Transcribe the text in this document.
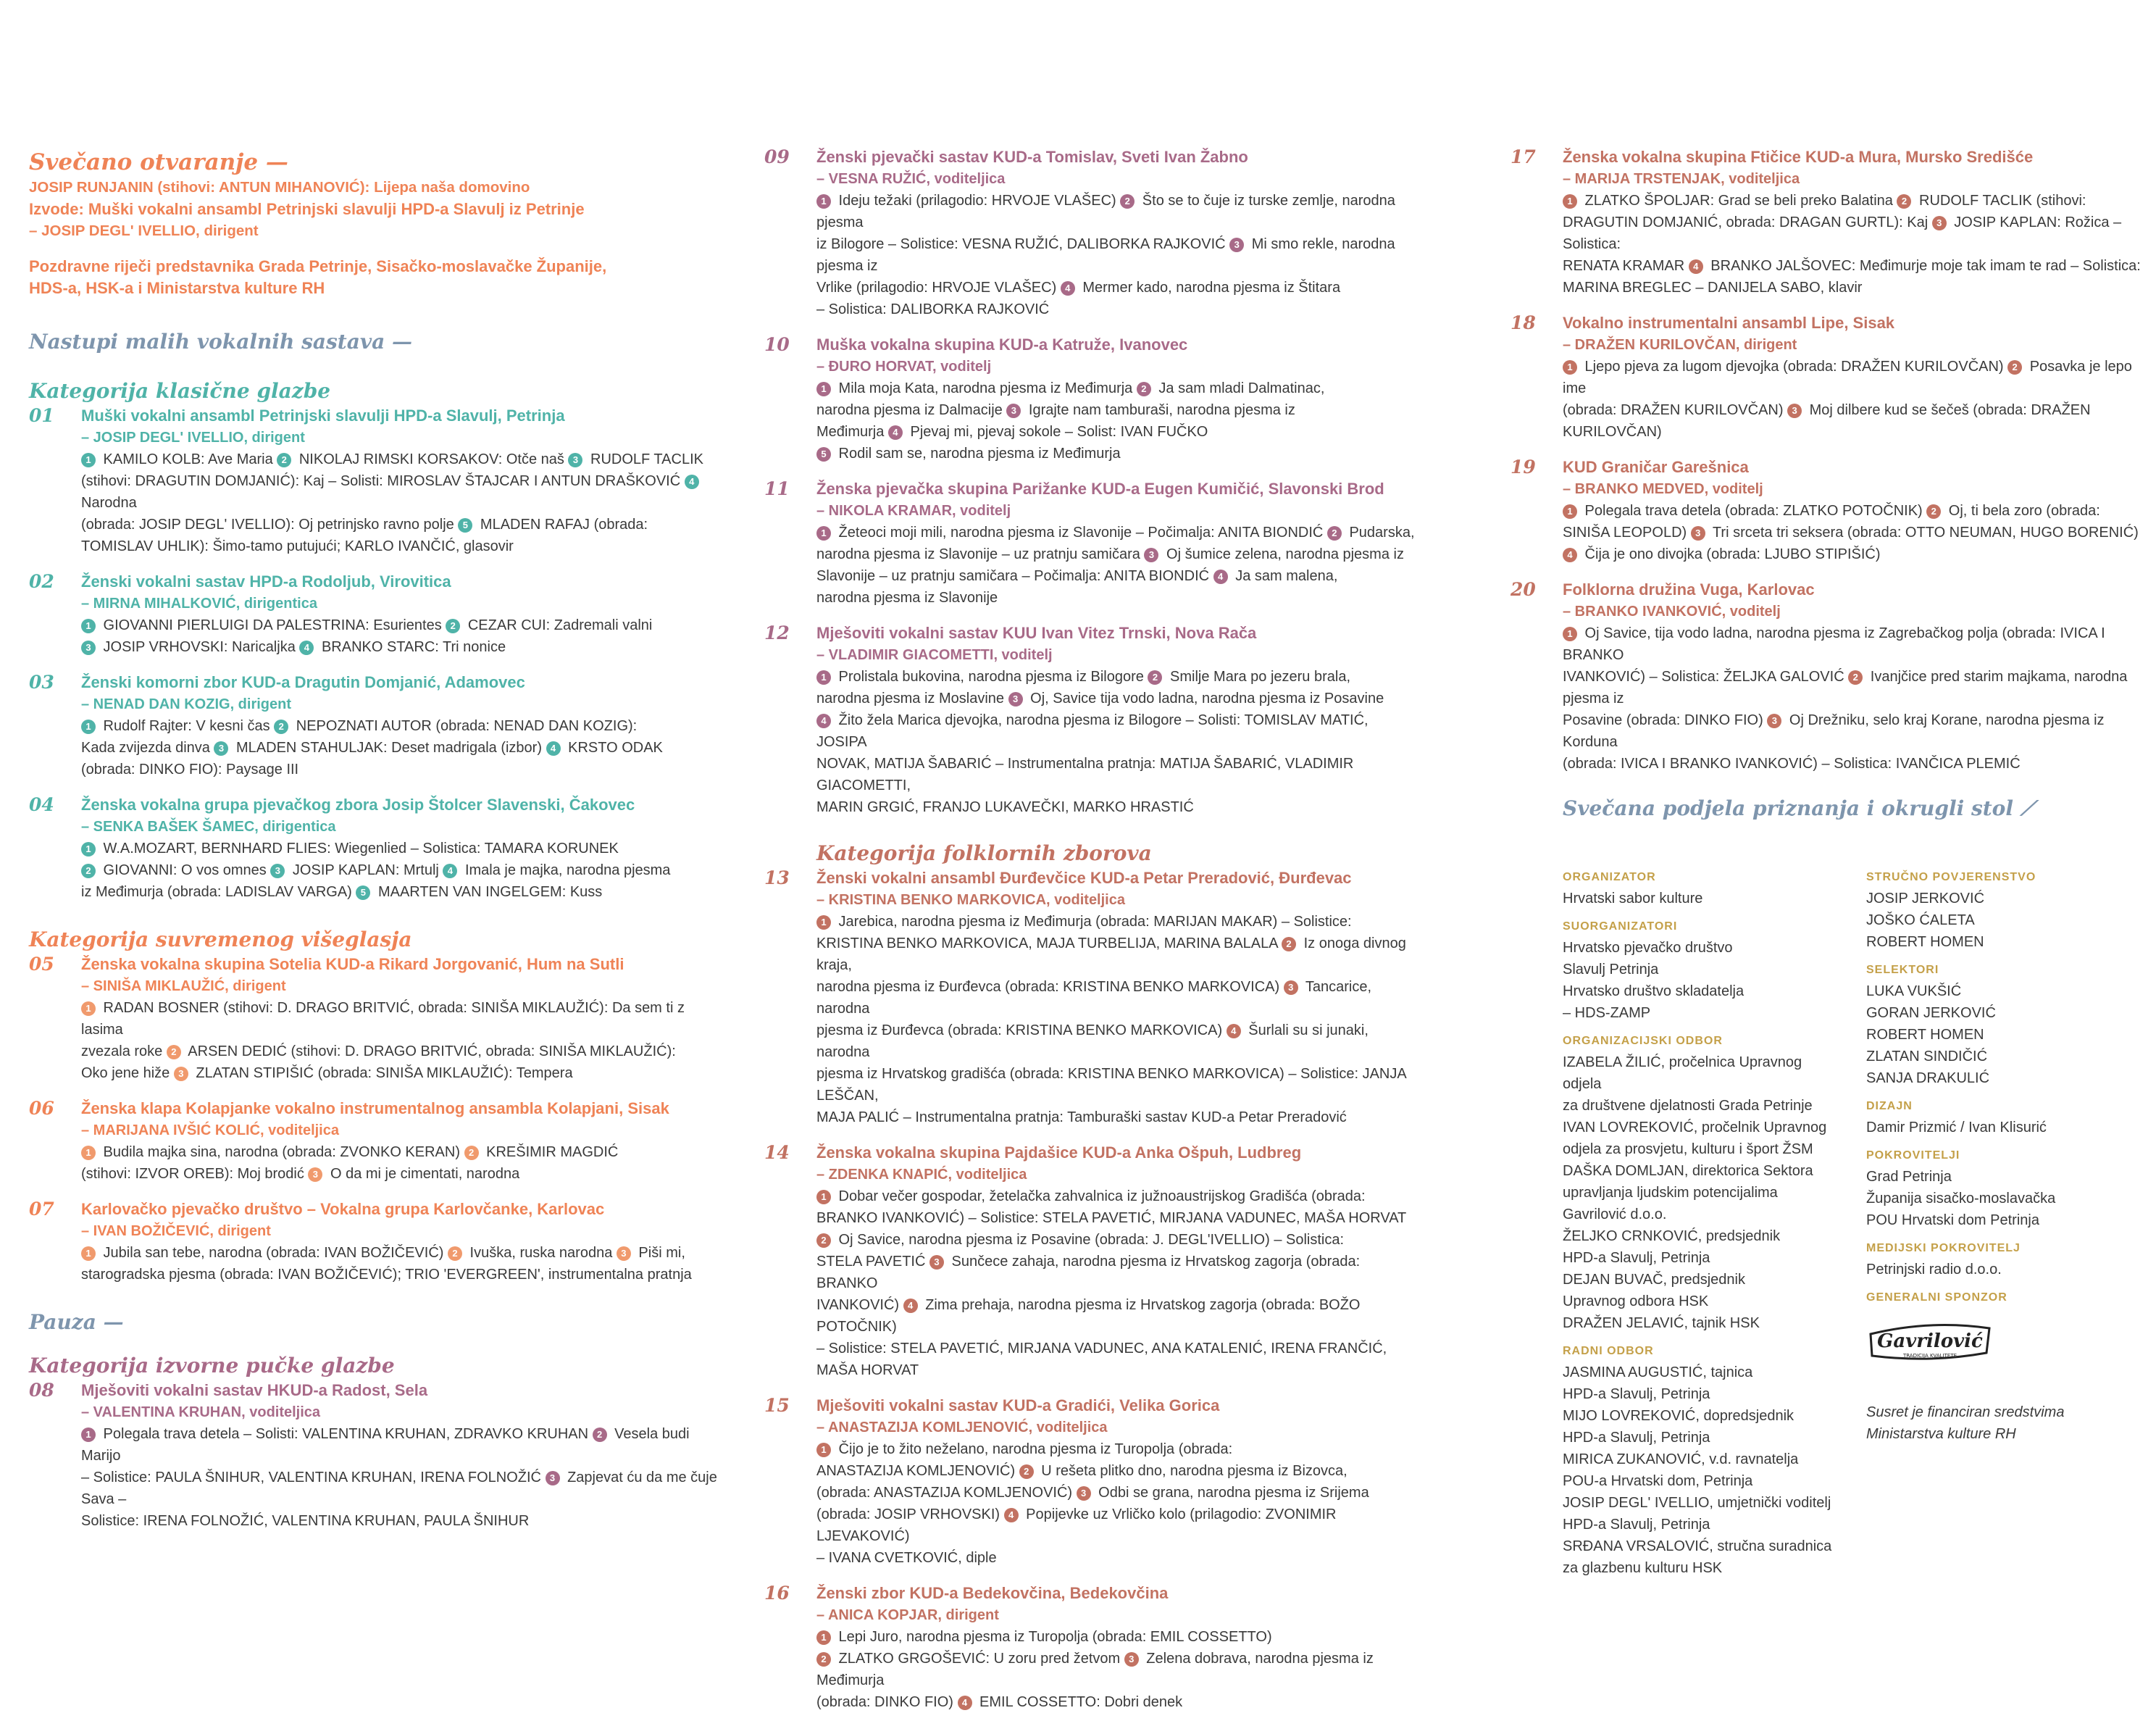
Svečano otvaranje —
JOSIP RUNJANIN (stihovi: ANTUN MIHANOVIĆ): Lijepa naša domovino
Izvode: Muški vokalni ansambl Petrinjski slavulji HPD-a Slavulj iz Petrinje
– JOSIP DEGL' IVELLIO, dirigent
Pozdravne riječi predstavnika Grada Petrinje, Sisačko-moslavačke Županije,
HDS-a, HSK-a i Ministarstva kulture RH
Nastupi malih vokalnih sastava —
Kategorija klasične glazbe
01 Muški vokalni ansambl Petrinjski slavulji HPD-a Slavulj, Petrinja
– JOSIP DEGL' IVELLIO, dirigent
1 KAMILO KOLB: Ave Maria 2 NIKOLAJ RIMSKI KORSAKOV: Otče naš 3 RUDOLF TACLIK
(stihovi: DRAGUTIN DOMJANIĆ): Kaj – Solisti: MIROSLAV ŠTAJCAR I ANTUN DRAŠKOVIĆ 4 Narodna
(obrada: JOSIP DEGL' IVELLIO): Oj petrinjsko ravno polje 5 MLADEN RAFAJ (obrada:
TOMISLAV UHLIK): Šimo-tamo putujući; KARLO IVANČIĆ, glasovir
02 Ženski vokalni sastav HPD-a Rodoljub, Virovitica
– MIRNA MIHALKOVIĆ, dirigentica
1 GIOVANNI PIERLUIGI DA PALESTRINA: Esurientes 2 CEZAR CUI: Zadremali valni
3 JOSIP VRHOVSKI: Naricaljka 4 BRANKO STARC: Tri nonice
03 Ženski komorni zbor KUD-a Dragutin Domjanić, Adamovec
– NENAD DAN KOZIG, dirigent
1 Rudolf Rajter: V kesni čas 2 NEPOZNATI AUTOR (obrada: NENAD DAN KOZIG):
Kada zvijezda dinva 3 MLADEN STAHULJAK: Deset madrigala (izbor) 4 KRSTO ODAK
(obrada: DINKO FIO): Paysage III
04 Ženska vokalna grupa pjevačkog zbora Josip Štolcer Slavenski, Čakovec
– SENKA BAŠEK ŠAMEC, dirigentica
1 W.A.MOZART, BERNHARD FLIES: Wiegenlied – Solistica: TAMARA KORUNEK
2 GIOVANNI: O vos omnes 3 JOSIP KAPLAN: Mrtulj 4 Imala je majka, narodna pjesma
iz Međimurja (obrada: LADISLAV VARGA) 5 MAARTEN VAN INGELGEM: Kuss
Kategorija suvremenog višeglasja
05 Ženska vokalna skupina Sotelia KUD-a Rikard Jorgovanić, Hum na Sutli
– SINIŠA MIKLAUŽIĆ, dirigent
1 RADAN BOSNER (stihovi: D. DRAGO BRITVIĆ, obrada: SINIŠA MIKLAUŽIĆ): Da sem ti z lasima
zvezala roke 2 ARSEN DEDIĆ (stihovi: D. DRAGO BRITVIĆ, obrada: SINIŠA MIKLAUŽIĆ):
Oko jene hiže 3 ZLATAN STIPIŠIĆ (obrada: SINIŠA MIKLAUŽIĆ): Tempera
06 Ženska klapa Kolapjanke vokalno instrumentalnog ansambla Kolapjani, Sisak
– MARIJANA IVŠIĆ KOLIĆ, voditeljica
1 Budila majka sina, narodna (obrada: ZVONKO KERAN) 2 KREŠIMIR MAGDIĆ
(stihovi: IZVOR OREB): Moj brodić 3 O da mi je cimentati, narodna
07 Karlovačko pjevačko društvo – Vokalna grupa Karlovčanke, Karlovac
– IVAN BOŽIČEVIĆ, dirigent
1 Jubila san tebe, narodna (obrada: IVAN BOŽIČEVIĆ) 2 Ivuška, ruska narodna 3 Piši mi,
starogradska pjesma (obrada: IVAN BOŽIČEVIĆ); TRIO 'EVERGREEN', instrumentalna pratnja
Pauza —
Kategorija izvorne pučke glazbe
08 Mješoviti vokalni sastav HKUD-a Radost, Sela
– VALENTINA KRUHAN, voditeljica
1 Polegala trava detela – Solisti: VALENTINA KRUHAN, ZDRAVKO KRUHAN 2 Vesela budi Marijo
– Solistice: PAULA ŠNIHUR, VALENTINA KRUHAN, IRENA FOLNOŽIĆ 3 Zapjevat ću da me čuje Sava –
Solistice: IRENA FOLNOŽIĆ, VALENTINA KRUHAN, PAULA ŠNIHUR
09 Ženski pjevački sastav KUD-a Tomislav, Sveti Ivan Žabno
– VESNA RUŽIĆ, voditeljica
1 Ideju težaki (prilagodio: HRVOJE VLAŠEC) 2 Što se to čuje iz turske zemlje, narodna pjesma
iz Bilogore – Solistice: VESNA RUŽIĆ, DALIBORKA RAJKOVIĆ 3 Mi smo rekle, narodna pjesma iz
Vrlike (prilagodio: HRVOJE VLAŠEC) 4 Mermer kado, narodna pjesma iz Štitara
– Solistica: DALIBORKA RAJKOVIĆ
10 Muška vokalna skupina KUD-a Katruže, Ivanovec
– ĐURO HORVAT, voditelj
1 Mila moja Kata, narodna pjesma iz Međimurja 2 Ja sam mladi Dalmatinac,
narodna pjesma iz Dalmacije 3 Igrajte nam tamburaši, narodna pjesma iz
Međimurja 4 Pjevaj mi, pjevaj sokole – Solist: IVAN FUČKO
5 Rodil sam se, narodna pjesma iz Međimurja
11 Ženska pjevačka skupina Parižanke KUD-a Eugen Kumičić, Slavonski Brod
– NIKOLA KRAMAR, voditelj
1 Žeteoci moji mili, narodna pjesma iz Slavonije – Počimalja: ANITA BIONDIĆ 2 Pudarska,
narodna pjesma iz Slavonije – uz pratnju samičara 3 Oj šumice zelena, narodna pjesma iz
Slavonije – uz pratnju samičara – Počimalja: ANITA BIONDIĆ 4 Ja sam malena,
narodna pjesma iz Slavonije
12 Mješoviti vokalni sastav KUU Ivan Vitez Trnski, Nova Rača
– VLADIMIR GIACOMETTI, voditelj
1 Prolistala bukovina, narodna pjesma iz Bilogore 2 Smilje Mara po jezeru brala,
narodna pjesma iz Moslavine 3 Oj, Savice tija vodo ladna, narodna pjesma iz Posavine
4 Žito žela Marica djevojka, narodna pjesma iz Bilogore – Solisti: TOMISLAV MATIĆ, JOSIPA
NOVAK, MATIJA ŠABARIĆ – Instrumentalna pratnja: MATIJA ŠABARIĆ, VLADIMIR GIACOMETTI,
MARIN GRGIĆ, FRANJO LUKAVEČKI, MARKO HRASTIĆ
Kategorija folklornih zborova
13 Ženski vokalni ansambl Đurđevčice KUD-a Petar Preradović, Đurđevac
– KRISTINA BENKO MARKOVICA, voditeljica
1 Jarebica, narodna pjesma iz Međimurja (obrada: MARIJAN MAKAR) – Solistice:
KRISTINA BENKO MARKOVICA, MAJA TURBELIJA, MARINA BALALA 2 Iz onoga divnog kraja,
narodna pjesma iz Đurđevca (obrada: KRISTINA BENKO MARKOVICA) 3 Tancarice, narodna
pjesma iz Đurđevca (obrada: KRISTINA BENKO MARKOVICA) 4 Šurlali su si junaki, narodna
pjesma iz Hrvatskog gradišća (obrada: KRISTINA BENKO MARKOVICA) – Solistice: JANJA LEŠČAN,
MAJA PALIĆ – Instrumentalna pratnja: Tamburaški sastav KUD-a Petar Preradović
14 Ženska vokalna skupina Pajdašice KUD-a Anka Ošpuh, Ludbreg
– ZDENKA KNAPIĆ, voditeljica
1 Dobar večer gospodar, žetelačka zahvalnica iz južnoaustrijskog Gradišća (obrada:
BRANKO IVANKOVIĆ) – Solistice: STELA PAVETIĆ, MIRJANA VADUNEC, MAŠA HORVAT
2 Oj Savice, narodna pjesma iz Posavine (obrada: J. DEGL'IVELLIO) – Solistica:
STELA PAVETIĆ 3 Sunčece zahaja, narodna pjesma iz Hrvatskog zagorja (obrada: BRANKO
IVANKOVIĆ) 4 Zima prehaja, narodna pjesma iz Hrvatskog zagorja (obrada: BOŽO POTOČNIK)
– Solistice: STELA PAVETIĆ, MIRJANA VADUNEC, ANA KATALENIĆ, IRENA FRANČIĆ, MAŠA HORVAT
15 Mješoviti vokalni sastav KUD-a Gradići, Velika Gorica
– ANASTAZIJA KOMLJENOVIĆ, voditeljica
1 Čijo je to žito neželano, narodna pjesma iz Turopolja (obrada:
ANASTAZIJA KOMLJENOVIĆ) 2 U rešeta plitko dno, narodna pjesma iz Bizovca,
(obrada: ANASTAZIJA KOMLJENOVIĆ) 3 Odbi se grana, narodna pjesma iz Srijema
(obrada: JOSIP VRHOVSKI) 4 Popijevke uz Vrličko kolo (prilagodio: ZVONIMIR LJEVAKOVIĆ)
– IVANA CVETKOVIĆ, diple
16 Ženski zbor KUD-a Bedekovčina, Bedekovčina
– ANICA KOPJAR, dirigent
1 Lepi Juro, narodna pjesma iz Turopolja (obrada: EMIL COSSETTO)
2 ZLATKO GRGOŠEVIĆ: U zoru pred žetvom 3 Zelena dobrava, narodna pjesma iz Međimurja
(obrada: DINKO FIO) 4 EMIL COSSETTO: Dobri denek
17 Ženska vokalna skupina Ftičice KUD-a Mura, Mursko Središće
– MARIJA TRSTENJAK, voditeljica
1 ZLATKO ŠPOLJAR: Grad se beli preko Balatina 2 RUDOLF TACLIK (stihovi:
DRAGUTIN DOMJANIĆ, obrada: DRAGAN GURTL): Kaj 3 JOSIP KAPLAN: Rožica – Solistica:
RENATA KRAMAR 4 BRANKO JALŠOVEC: Međimurje moje tak imam te rad – Solistica:
MARINA BREGLEC – DANIJELA SABO, klavir
18 Vokalno instrumentalni ansambl Lipe, Sisak
– DRAŽEN KURILOVČAN, dirigent
1 Ljepo pjeva za lugom djevojka (obrada: DRAŽEN KURILOVČAN) 2 Posavka je lepo ime
(obrada: DRAŽEN KURILOVČAN) 3 Moj dilbere kud se šečeš (obrada: DRAŽEN KURILOVČAN)
19 KUD Graničar Garešnica
– BRANKO MEDVED, voditelj
1 Polegala trava detela (obrada: ZLATKO POTOČNIK) 2 Oj, ti bela zoro (obrada:
SINIŠA LEOPOLD) 3 Tri srceta tri seksera (obrada: OTTO NEUMAN, HUGO BORENIĆ)
4 Čija je ono divojka (obrada: LJUBO STIPIŠIĆ)
20 Folklorna družina Vuga, Karlovac
– BRANKO IVANKOVIĆ, voditelj
1 Oj Savice, tija vodo ladna, narodna pjesma iz Zagrebačkog polja (obrada: IVICA I BRANKO
IVANKOVIĆ) – Solistica: ŽELJKA GALOVIĆ 2 Ivanjčice pred starim majkama, narodna pjesma iz
Posavine (obrada: DINKO FIO) 3 Oj Drežniku, selo kraj Korane, narodna pjesma iz Korduna
(obrada: IVICA I BRANKO IVANKOVIĆ) – Solistica: IVANČICA PLEMIĆ
Svečana podjela priznanja i okrugli stol ⟋
ORGANIZATOR
Hrvatski sabor kulture
SUORGANIZATORI
Hrvatsko pjevačko društvo
Slavulj Petrinja
Hrvatsko društvo skladatelja
– HDS-ZAMP
ORGANIZACIJSKI ODBOR
IZABELA ŽILIĆ, pročelnica Upravnog odjela
za društvene djelatnosti Grada Petrinje
IVAN LOVREKOVIĆ, pročelnik Upravnog
odjela za prosvjetu, kulturu i šport ŽSM
DAŠKA DOMLJAN, direktorica Sektora
upravljanja ljudskim potencijalima
Gavrilović d.o.o.
ŽELJKO CRNKOVIĆ, predsjednik
HPD-a Slavulj, Petrinja
DEJAN BUVAČ, predsjednik
Upravnog odbora HSK
DRAŽEN JELAVIĆ, tajnik HSK
RADNI ODBOR
JASMINA AUGUSTIĆ, tajnica
HPD-a Slavulj, Petrinja
MIJO LOVREKOVIĆ, dopredsjednik
HPD-a Slavulj, Petrinja
MIRICA ZUKANOVIĆ, v.d. ravnatelja
POU-a Hrvatski dom, Petrinja
JOSIP DEGL' IVELLIO, umjetnički voditelj
HPD-a Slavulj, Petrinja
SRĐANA VRSALOVIĆ, stručna suradnica
za glazbenu kulturu HSK
STRUČNO POVJERENSTVO
JOSIP JERKOVIĆ
JOŠKO ĆALETA
ROBERT HOMEN
SELEKTORI
LUKA VUKŠIĆ
GORAN JERKOVIĆ
ROBERT HOMEN
ZLATAN SINDIČIĆ
SANJA DRAKULIĆ
DIZAJN
Damir Prizmić / Ivan Klisurić
POKROVITELJI
Grad Petrinja
Županija sisačko-moslavačka
POU Hrvatski dom Petrinja
MEDIJSKI POKROVITELJ
Petrinjski radio d.o.o.
GENERALNI SPONZOR
Gavrilović
TRADICIJA KVALITETE
Susret je financiran sredstvima
Ministarstva kulture RH
